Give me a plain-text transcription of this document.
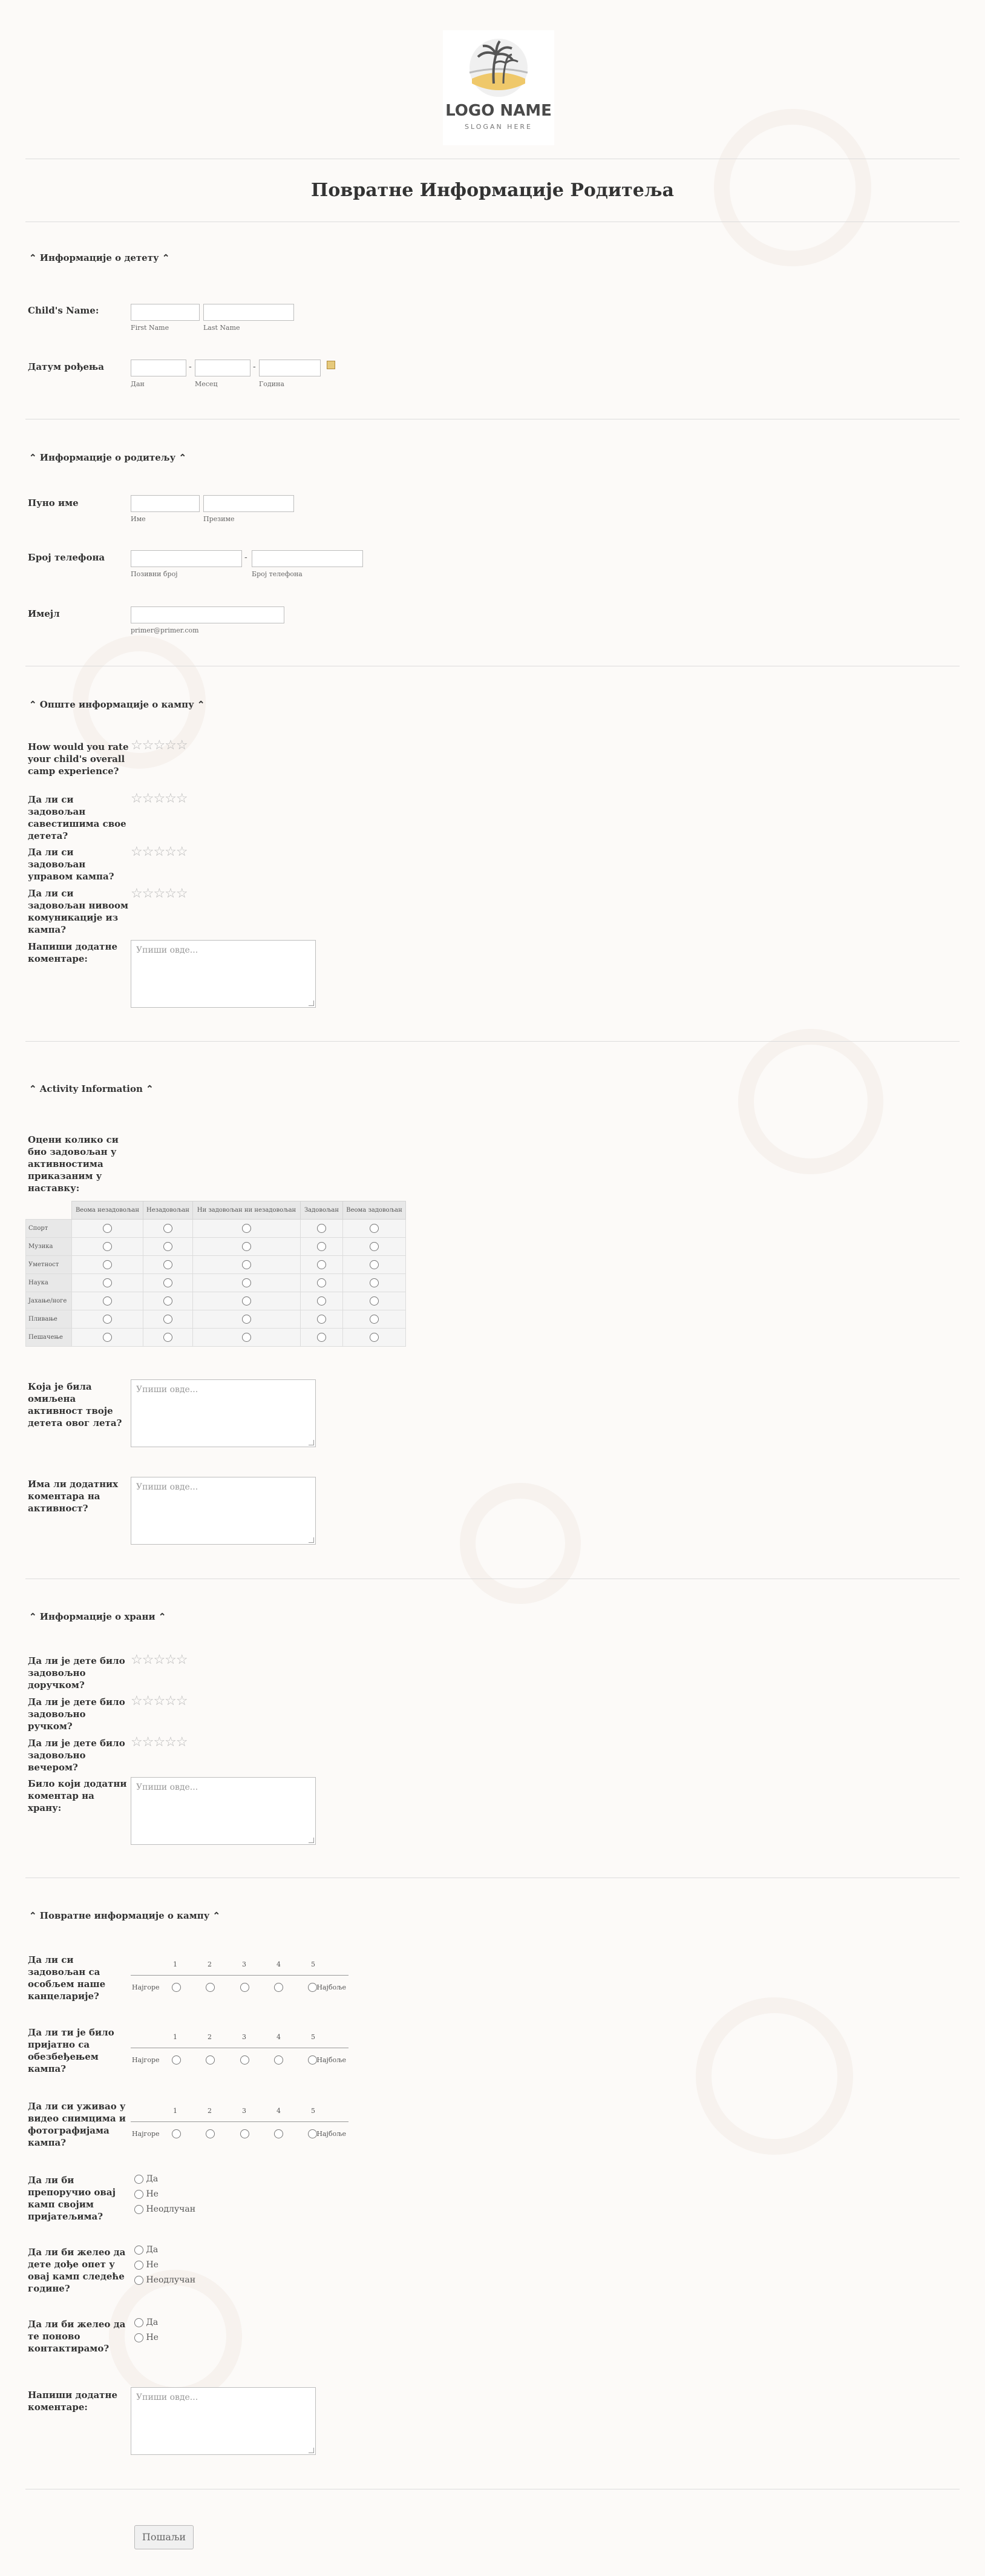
LOGO NAME
SLOGAN HERE
Повратне Информације Родитеља
⌃ Информације о детету ⌃
Child's Name:
First Name	Last Name
Датум рођења	-	-
Дан	Месец	Година
⌃ Информације о родитељу ⌃
Пуно име
Име	Презиме
Број телефона	-
Позивни број	Број телефона
Имејл
primer@primer.com
⌃ Опште информације о кампу ⌃
How would you rate your child's overall camp experience?
☆☆☆☆☆
Да ли си задовољан савестишима свое детета?
☆☆☆☆☆
Да ли си задовољан управом кампа?
☆☆☆☆☆
Да ли си задовољан нивоом комуникације из кампа?
☆☆☆☆☆
Напиши додатне коментаре:
Упиши овде...
⌃ Activity Information ⌃
Оцени колико си био задовољан у активностима приказаним у наставку:
	Веома незадовољан	Незадовољан	Ни задовољан ни незадовољан	Задовољан	Веома задовољан
Спорт					
Музика					
Уметност					
Наука					
Јахање/ноге					
Пливање					
Пешачење					
Која је била омиљена активност твоје детета овог лета?
Упиши овде...
Има ли додатних коментара на активност?
Упиши овде...
⌃ Информације о храни ⌃
Да ли је дете било задовољно доручком?
☆☆☆☆☆
Да ли је дете било задовољно ручком?
☆☆☆☆☆
Да ли је дете било задовољно вечером?
☆☆☆☆☆
Било који додатни коментар на храну:
Упиши овде...
⌃ Повратне информације о кампу ⌃
Да ли си задовољан са особљем наше канцеларије?
1	2	3	4	5
Најгоре	Најбоље
Да ли ти је било пријатно са обезбеђењем кампа?
1	2	3	4	5
Најгоре	Најбоље
Да ли си уживао у видео снимцима и фотографијама кампа?
1	2	3	4	5
Најгоре	Најбоље
Да ли би препоручио овај камп својим пријатељима?
Да
Не
Неодлучан
Да ли би желео да дете дође опет у овај камп следеће године?
Да
Не
Неодлучан
Да ли би желео да те поново контактирамо?
Да
Не
Напиши додатне коментаре:
Упиши овде...
Пошаљи
